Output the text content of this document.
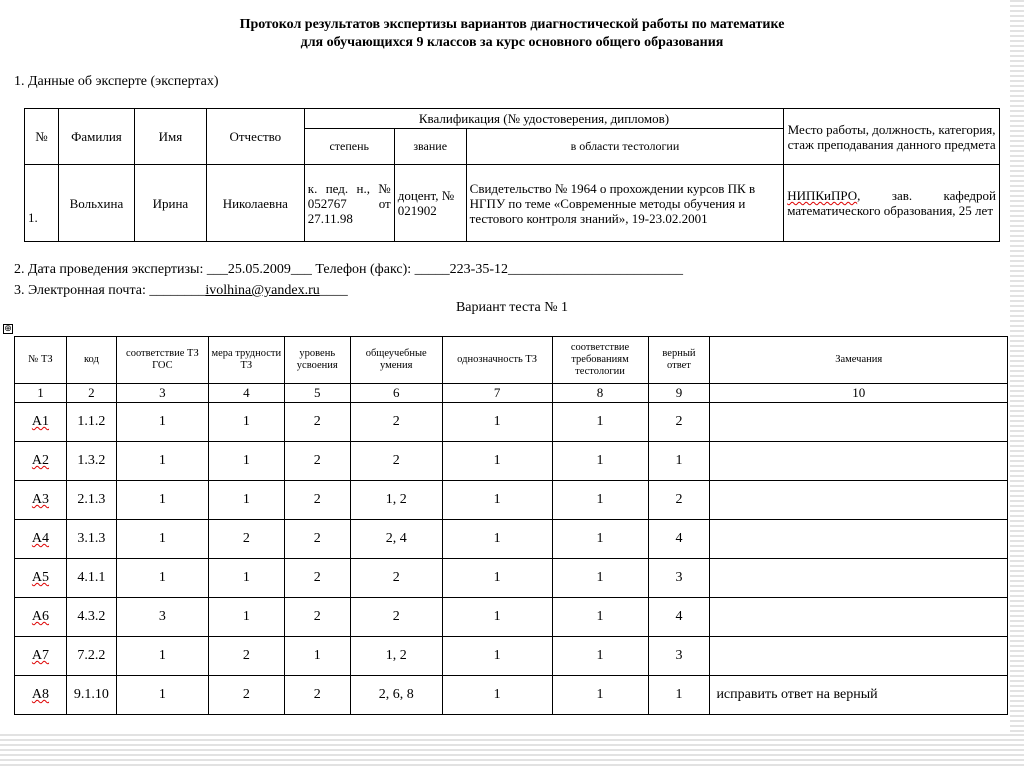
Протокол результатов экспертизы вариантов диагностической работы по математике
для обучающихся 9 классов за курс основного общего образования
1. Данные об эксперте (экспертах)
№	Фамилия	Имя	Отчество	Квалификация (№ удостоверения, дипломов)			Место работы, должность, категория, стаж преподавания данного предмета
				степень	звание	в области тестологии	
1.	Вольхина	Ирина	Николаевна	к. пед. н., № 052767 от 27.11.98	доцент, № 021902	Свидетельство № 1964 о прохождении курсов ПК в НГПУ по теме «Современные методы обучения и тестового контроля знаний», 19-23.02.2001	НИПКиПРО, зав. кафедрой математического образования, 25 лет
2. Дата проведения экспертизы: ___25.05.2009___ Телефон (факс): _____223-35-12_________________________
3. Электронная почта: ________ivolhina@yandex.ru____
Вариант теста № 1
⊕
№ ТЗ	код	соответствие ТЗ ГОС	мера трудности ТЗ	уровень усвоения	общеучебные умения	однозначность ТЗ	соответствие требованиям тестологии	верный ответ	Замечания
1	2	3	4	5	6	7	8	9	10
А1	1.1.2	1	1	2	2	1	1	2	
А2	1.3.2	1	1	2	2	1	1	1	
А3	2.1.3	1	1	2	1, 2	1	1	2	
А4	3.1.3	1	2	2	2, 4	1	1	4	
А5	4.1.1	1	1	2	2	1	1	3	
А6	4.3.2	3	1	2	2	1	1	4	
А7	7.2.2	1	2	1	1, 2	1	1	3	
А8	9.1.10	1	2	2	2, 6, 8	1	1	1	исправить ответ на верный
